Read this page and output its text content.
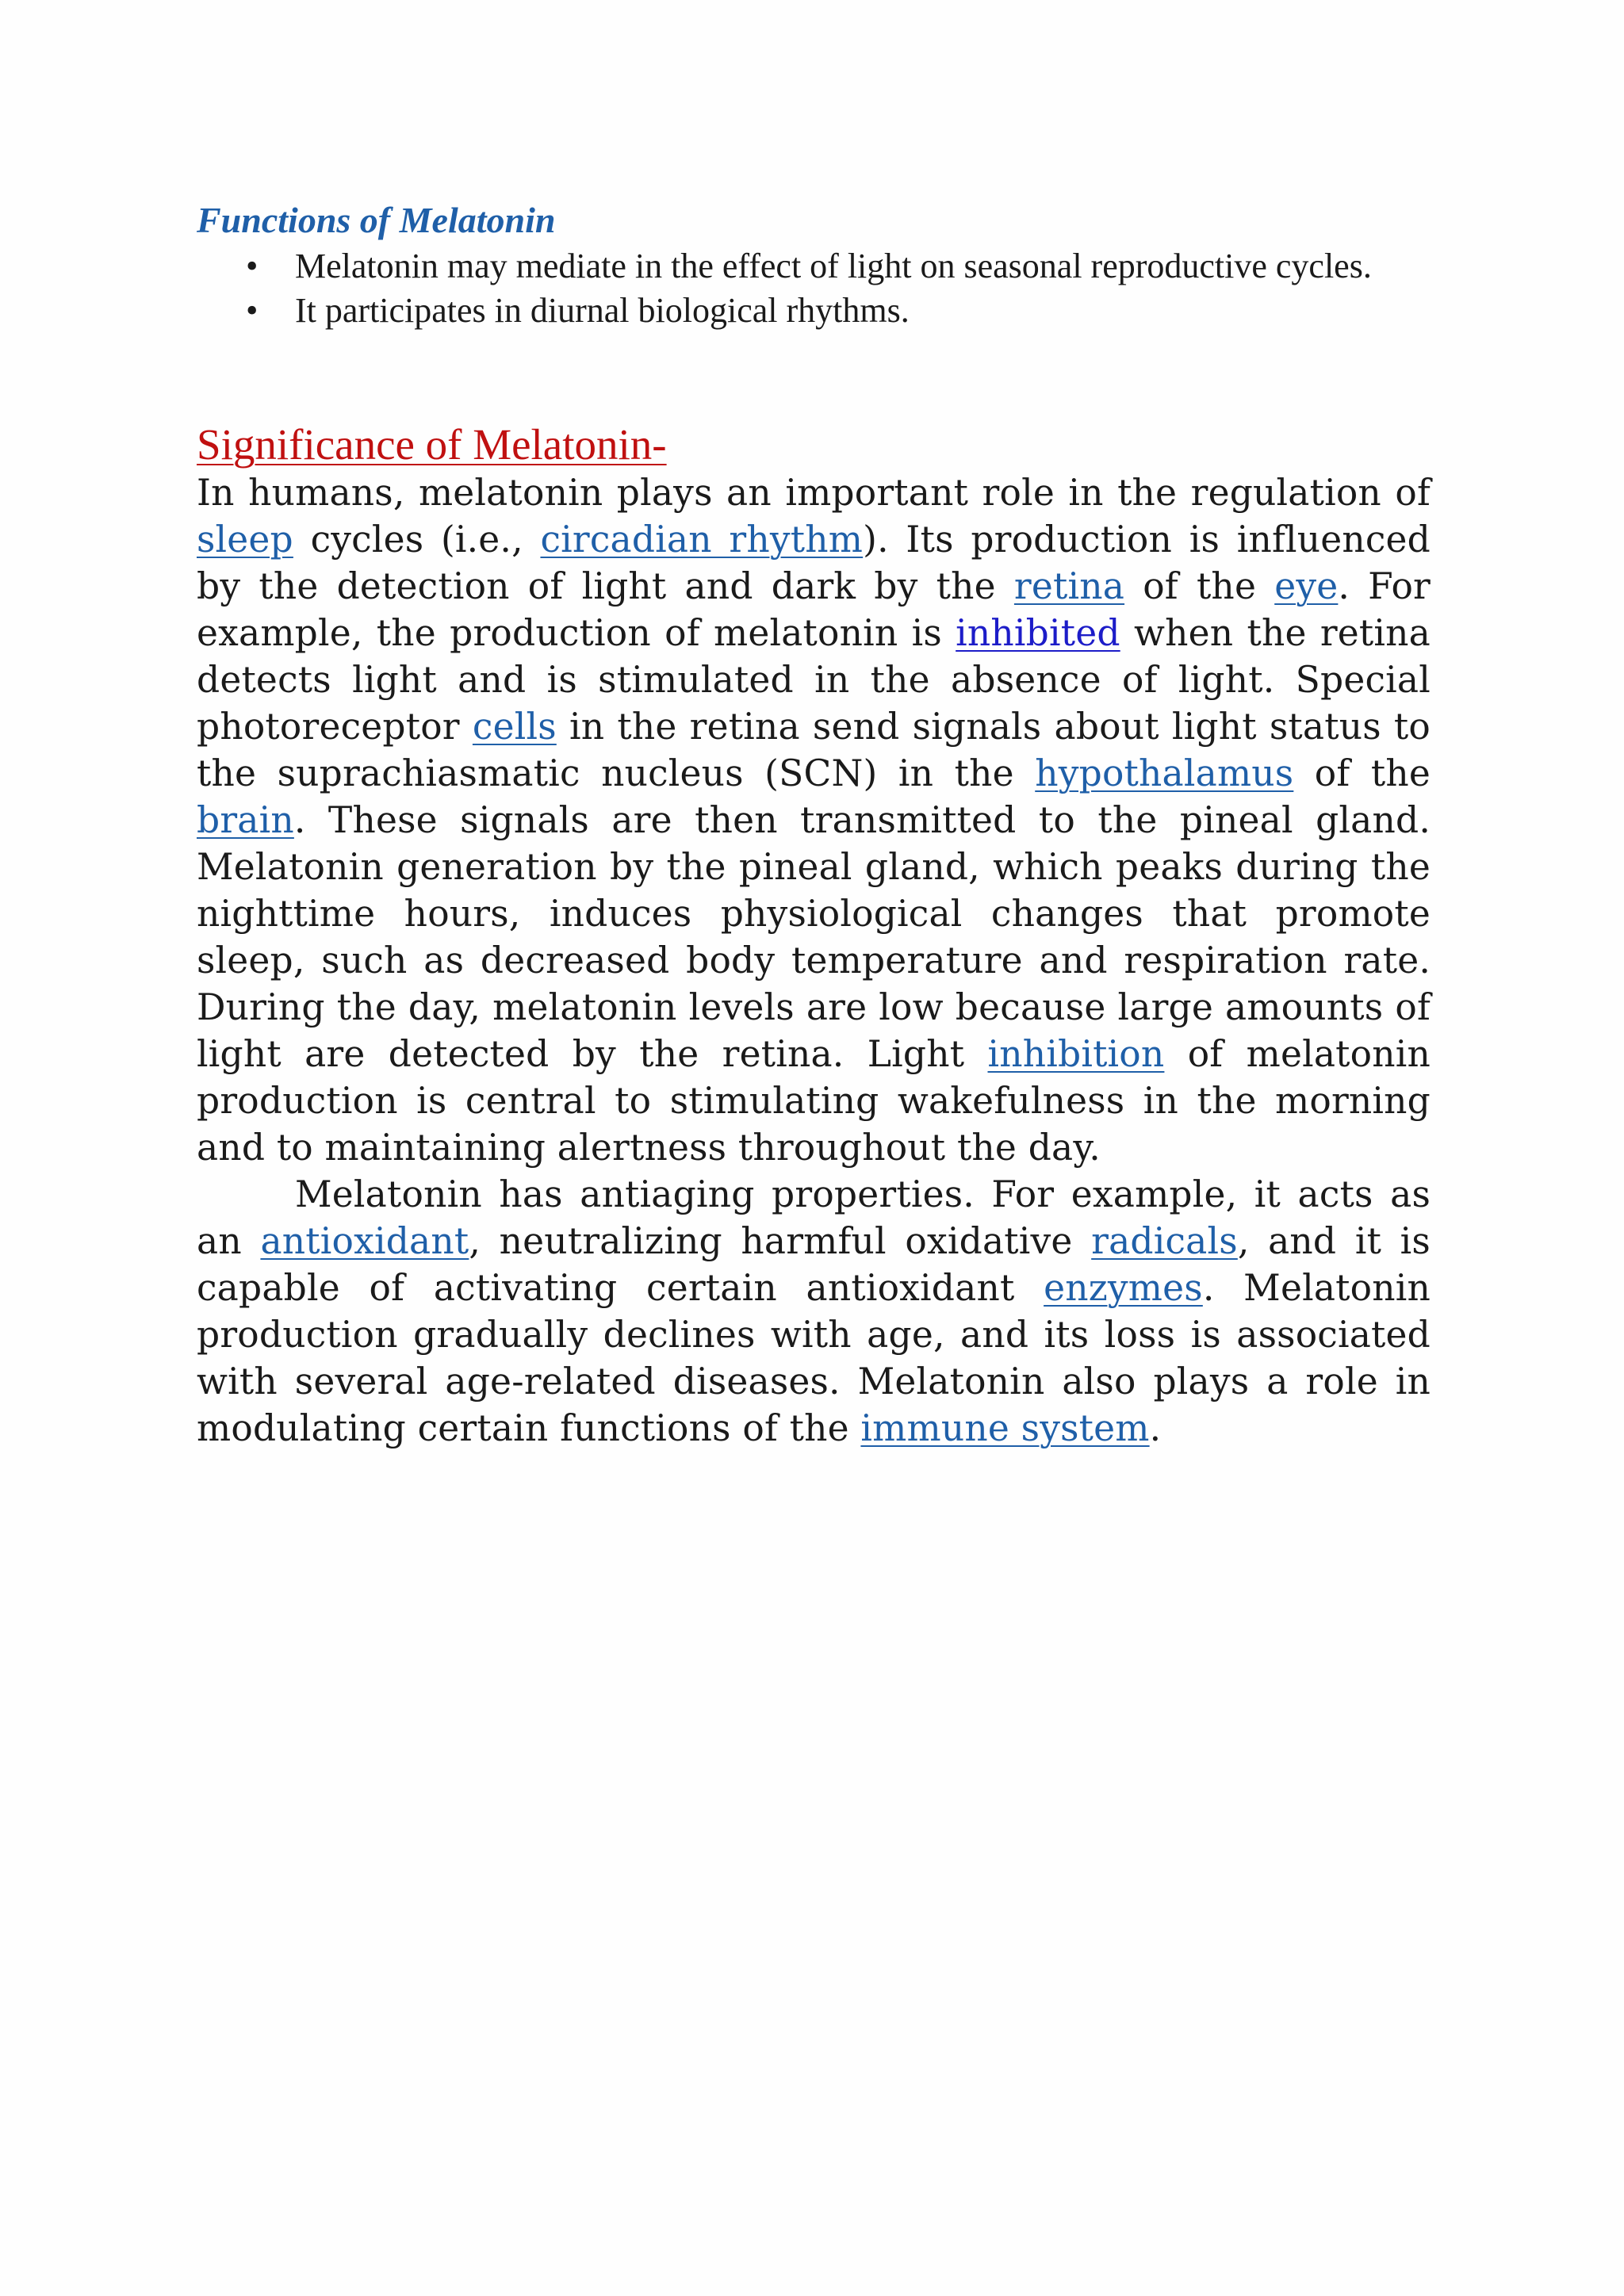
Functions of Melatonin

• Melatonin may mediate in the effect of light on seasonal reproductive cycles.
• It participates in diurnal biological rhythms.

Significance of Melatonin-

In humans, melatonin plays an important role in the regulation of sleep cycles (i.e., circadian rhythm). Its production is influenced by the detection of light and dark by the retina of the eye. For example, the production of melatonin is inhibited when the retina detects light and is stimulated in the absence of light. Special photoreceptor cells in the retina send signals about light status to the suprachiasmatic nucleus (SCN) in the hypothalamus of the brain. These signals are then transmitted to the pineal gland. Melatonin generation by the pineal gland, which peaks during the nighttime hours, induces physiological changes that promote sleep, such as decreased body temperature and respiration rate. During the day, melatonin levels are low because large amounts of light are detected by the retina. Light inhibition of melatonin production is central to stimulating wakefulness in the morning and to maintaining alertness throughout the day.

Melatonin has antiaging properties. For example, it acts as an antioxidant, neutralizing harmful oxidative radicals, and it is capable of activating certain antioxidant enzymes. Melatonin production gradually declines with age, and its loss is associated with several age-related diseases. Melatonin also plays a role in modulating certain functions of the immune system.
